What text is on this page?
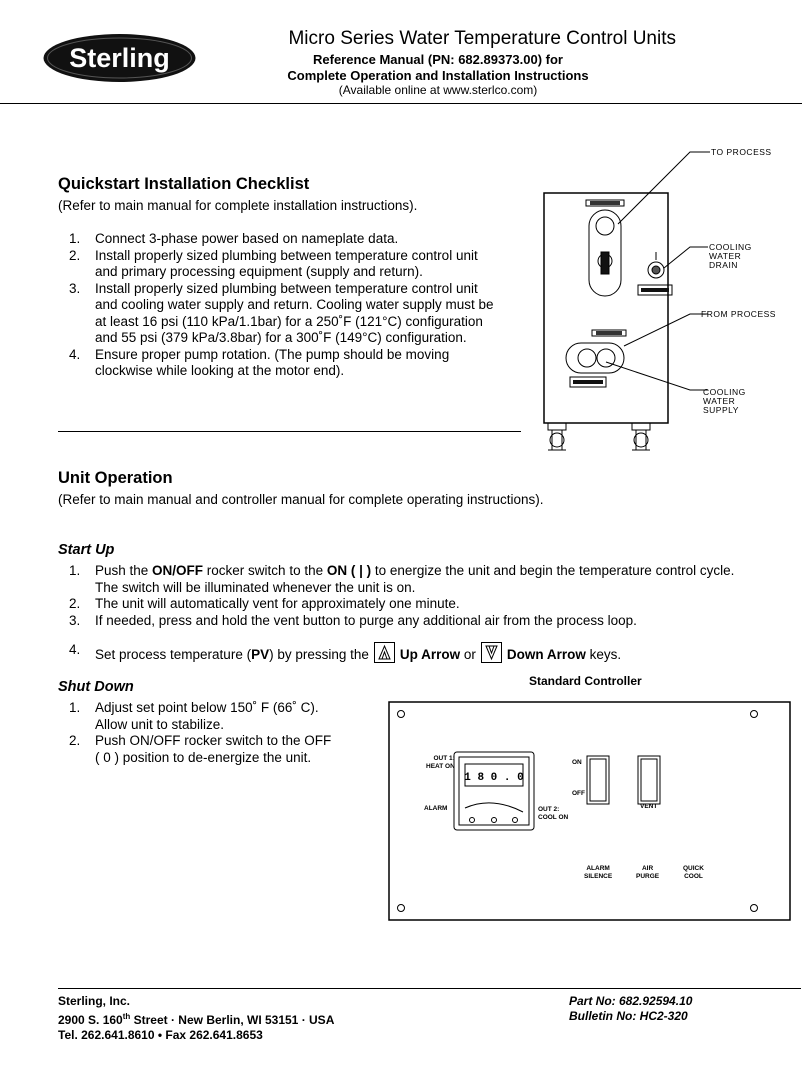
Sterling
Micro Series Water Temperature Control Units
Reference Manual (PN: 682.89373.00) for
Complete Operation and Installation Instructions
(Available online at www.sterlco.com)
Quickstart Installation Checklist
(Refer to main manual for complete installation instructions).
1. Connect 3-phase power based on nameplate data.
2. Install properly sized plumbing between temperature control unit
and primary processing equipment (supply and return).
3. Install properly sized plumbing between temperature control unit
and cooling water supply and return. Cooling water supply must be
at least 16 psi (110 kPa/1.1bar) for a 250˚F (121°C) configuration
and 55 psi (379 kPa/3.8bar) for a 300˚F (149°C) configuration.
4. Ensure proper pump rotation. (The pump should be moving
clockwise while looking at the motor end).
TO PROCESS
COOLING
WATER
DRAIN
FROM PROCESS
COOLING
WATER
SUPPLY
Unit Operation
(Refer to main manual and controller manual for complete operating instructions).
Start Up
1. Push the ON/OFF rocker switch to the ON ( | ) to energize the unit and begin the temperature control cycle.
The switch will be illuminated whenever the unit is on.
2. The unit will automatically vent for approximately one minute.
3. If needed, press and hold the vent button to purge any additional air from the process loop.
4. Set process temperature (PV) by pressing the Up Arrow or Down Arrow keys.
Shut Down
1. Adjust set point below 150˚ F (66˚ C).
Allow unit to stabilize.
2. Push ON/OFF rocker switch to the OFF
( 0 ) position to de-energize the unit.
Standard Controller
1 8 0 . 0
OUT 1:
HEAT ON
ALARM	OUT 2:
COOL ON
ON
OFF
VENT
ALARM
SILENCE
AIR
PURGE
QUICK
COOL
Sterling, Inc.
2900 S. 160th Street · New Berlin, WI 53151 · USA
Tel. 262.641.8610 • Fax 262.641.8653
Part No: 682.92594.10
Bulletin No: HC2-320
